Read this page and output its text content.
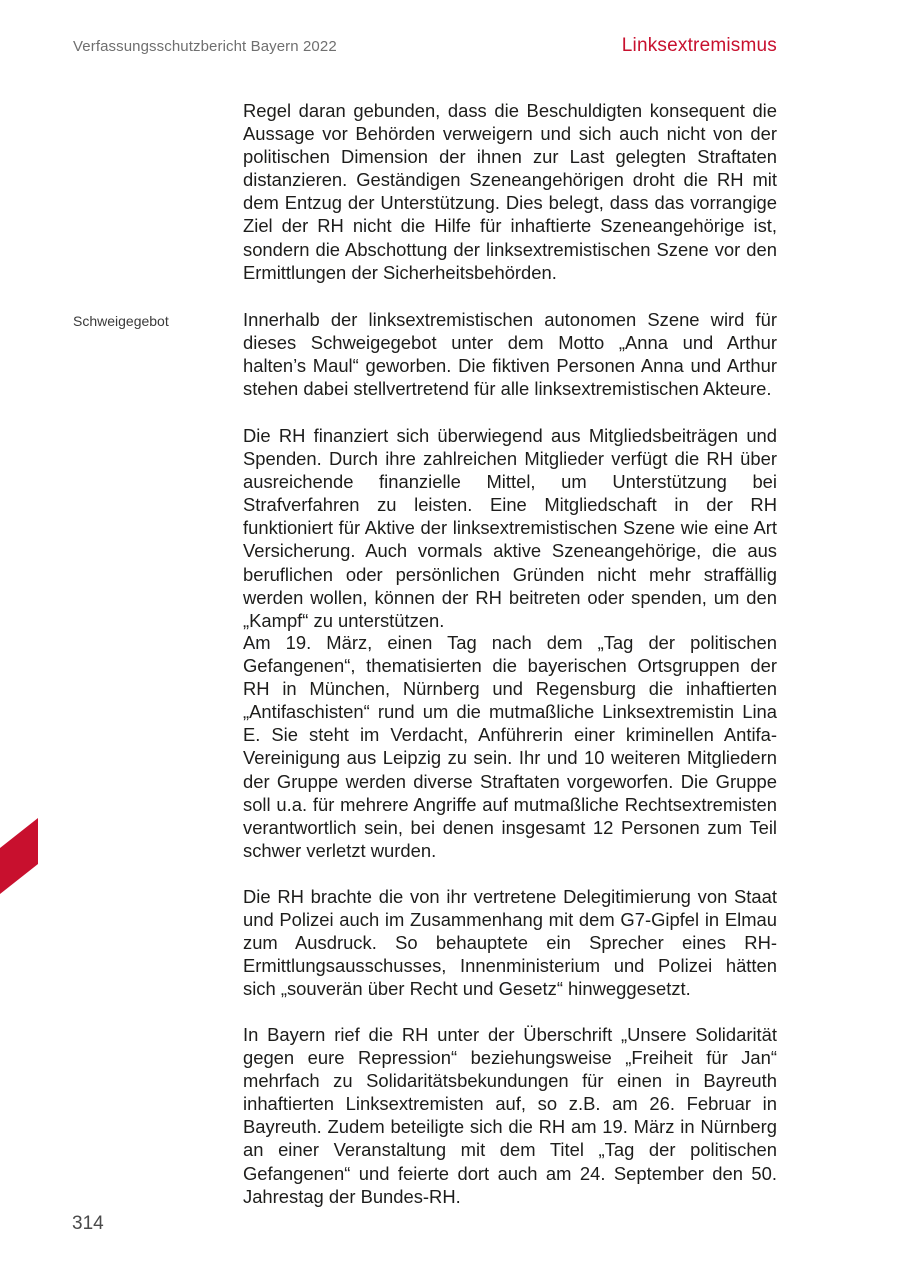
Verfassungsschutzbericht Bayern 2022	Linksextremismus

Regel daran gebunden, dass die Beschuldigten konsequent die Aussage vor Behörden verweigern und sich auch nicht von der politischen Dimension der ihnen zur Last gelegten Straftaten distanzieren. Geständigen Szeneangehörigen droht die RH mit dem Entzug der Unterstützung. Dies belegt, dass das vorrangige Ziel der RH nicht die Hilfe für inhaftierte Szeneangehörige ist, sondern die Abschottung der linksextremistischen Szene vor den Ermittlungen der Sicherheitsbehörden.

Schweigegebot	Innerhalb der linksextremistischen autonomen Szene wird für dieses Schweigegebot unter dem Motto „Anna und Arthur halten’s Maul“ geworben. Die fiktiven Personen Anna und Arthur stehen dabei stellvertretend für alle linksextremistischen Akteure.

Die RH finanziert sich überwiegend aus Mitgliedsbeiträgen und Spenden. Durch ihre zahlreichen Mitglieder verfügt die RH über ausreichende finanzielle Mittel, um Unterstützung bei Strafverfahren zu leisten. Eine Mitgliedschaft in der RH funktioniert für Aktive der linksextremistischen Szene wie eine Art Versicherung. Auch vormals aktive Szeneangehörige, die aus beruflichen oder persönlichen Gründen nicht mehr straffällig werden wollen, können der RH beitreten oder spenden, um den „Kampf“ zu unterstützen.

Am 19. März, einen Tag nach dem „Tag der politischen Gefangenen“, thematisierten die bayerischen Ortsgruppen der RH in München, Nürnberg und Regensburg die inhaftierten „Antifaschisten“ rund um die mutmaßliche Linksextremistin Lina E. Sie steht im Verdacht, Anführerin einer kriminellen Antifa-Vereinigung aus Leipzig zu sein. Ihr und 10 weiteren Mitgliedern der Gruppe werden diverse Straftaten vorgeworfen. Die Gruppe soll u.a. für mehrere Angriffe auf mutmaßliche Rechtsextremisten verantwortlich sein, bei denen insgesamt 12 Personen zum Teil schwer verletzt wurden.

Die RH brachte die von ihr vertretene Delegitimierung von Staat und Polizei auch im Zusammenhang mit dem G7-Gipfel in Elmau zum Ausdruck. So behauptete ein Sprecher eines RH-Ermittlungsausschusses, Innenministerium und Polizei hätten sich „souverän über Recht und Gesetz“ hinweggesetzt.

In Bayern rief die RH unter der Überschrift „Unsere Solidarität gegen eure Repression“ beziehungsweise „Freiheit für Jan“ mehrfach zu Solidaritätsbekundungen für einen in Bayreuth inhaftierten Linksextremisten auf, so z.B. am 26. Februar in Bayreuth. Zudem beteiligte sich die RH am 19. März in Nürnberg an einer Veranstaltung mit dem Titel „Tag der politischen Gefangenen“ und feierte dort auch am 24. September den 50. Jahrestag der Bundes-RH.

314
